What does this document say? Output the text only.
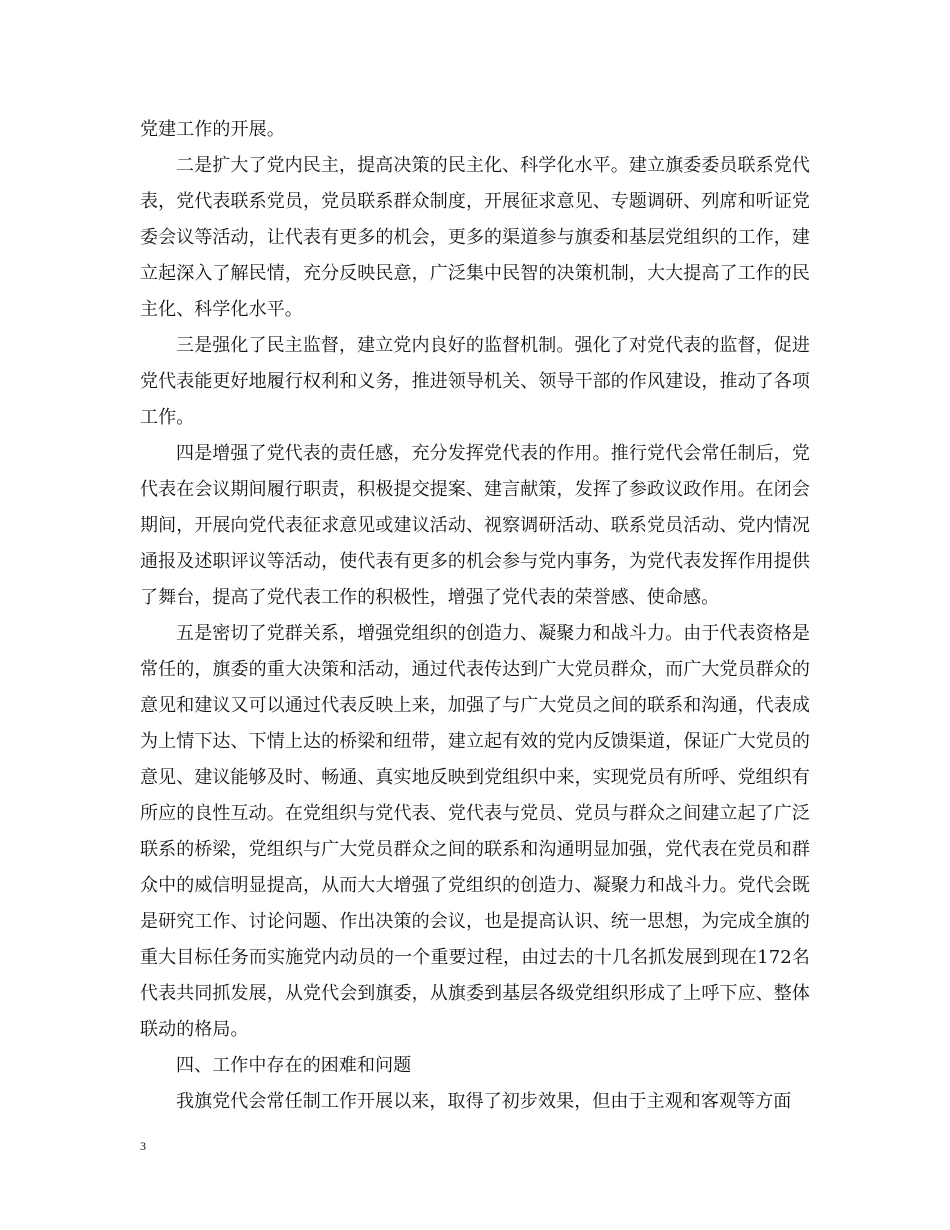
党建工作的开展。

二是扩大了党内民主，提高决策的民主化、科学化水平。建立旗委委员联系党代表，党代表联系党员，党员联系群众制度，开展征求意见、专题调研、列席和听证党委会议等活动，让代表有更多的机会，更多的渠道参与旗委和基层党组织的工作，建立起深入了解民情，充分反映民意，广泛集中民智的决策机制，大大提高了工作的民主化、科学化水平。

三是强化了民主监督，建立党内良好的监督机制。强化了对党代表的监督，促进党代表能更好地履行权利和义务，推进领导机关、领导干部的作风建设，推动了各项工作。

四是增强了党代表的责任感，充分发挥党代表的作用。推行党代会常任制后，党代表在会议期间履行职责，积极提交提案、建言献策，发挥了参政议政作用。在闭会期间，开展向党代表征求意见或建议活动、视察调研活动、联系党员活动、党内情况通报及述职评议等活动，使代表有更多的机会参与党内事务，为党代表发挥作用提供了舞台，提高了党代表工作的积极性，增强了党代表的荣誉感、使命感。

五是密切了党群关系，增强党组织的创造力、凝聚力和战斗力。由于代表资格是常任的，旗委的重大决策和活动，通过代表传达到广大党员群众，而广大党员群众的意见和建议又可以通过代表反映上来，加强了与广大党员之间的联系和沟通，代表成为上情下达、下情上达的桥梁和纽带，建立起有效的党内反馈渠道，保证广大党员的意见、建议能够及时、畅通、真实地反映到党组织中来，实现党员有所呼、党组织有所应的良性互动。在党组织与党代表、党代表与党员、党员与群众之间建立起了广泛联系的桥梁，党组织与广大党员群众之间的联系和沟通明显加强，党代表在党员和群众中的威信明显提高，从而大大增强了党组织的创造力、凝聚力和战斗力。党代会既是研究工作、讨论问题、作出决策的会议，也是提高认识、统一思想，为完成全旗的重大目标任务而实施党内动员的一个重要过程，由过去的十几名抓发展到现在172名代表共同抓发展，从党代会到旗委，从旗委到基层各级党组织形成了上呼下应、整体联动的格局。

四、工作中存在的困难和问题

我旗党代会常任制工作开展以来，取得了初步效果，但由于主观和客观等方面

3
